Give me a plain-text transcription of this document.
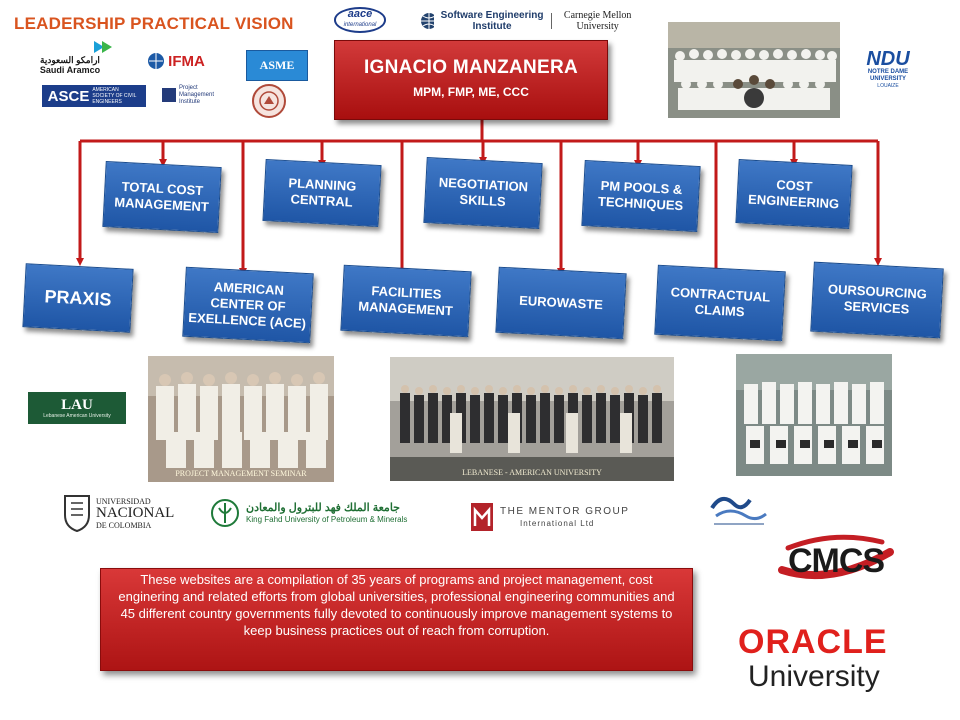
LEADERSHIP PRACTICAL VISION
IGNACIO MANZANERA
MPM, FMP, ME, CCC
TOTAL COST MANAGEMENT
PLANNING CENTRAL
NEGOTIATION SKILLS
PM POOLS & TECHNIQUES
COST ENGINEERING
PRAXIS	AMERICAN CENTER OF EXELLENCE (ACE)
FACILITIES MANAGEMENT	EUROWASTE	CONTRACTUAL CLAIMS
OURSOURCING SERVICES
aace
international
Software Engineering Institute
Carnegie Mellon University
ارامكو السعودية
Saudi Aramco
IFMA	ASME
ASCE AMERICAN SOCIETY OF CIVIL ENGINEERS
Project Management Institute
NDU
NOTRE DAME UNIVERSITY
LOUAIZE
PROJECT MANAGEMENT SEMINAR	LEBANESE - AMERICAN UNIVERSITY
LAU
Lebanese American University
UNIVERSIDAD
NACIONAL
DE COLOMBIA
جامعة الملك فهد للبترول والمعادن
King Fahd University of Petroleum & Minerals
THE MENTOR GROUP
International Ltd
CMCS
ORACLE
University
These websites are a compilation of 35 years of programs and project management, cost enginering and related efforts from global universities, professional engineering communities and 45 different country governments fully devoted to continuously improve management systems to keep business practices out of reach from corruption.
